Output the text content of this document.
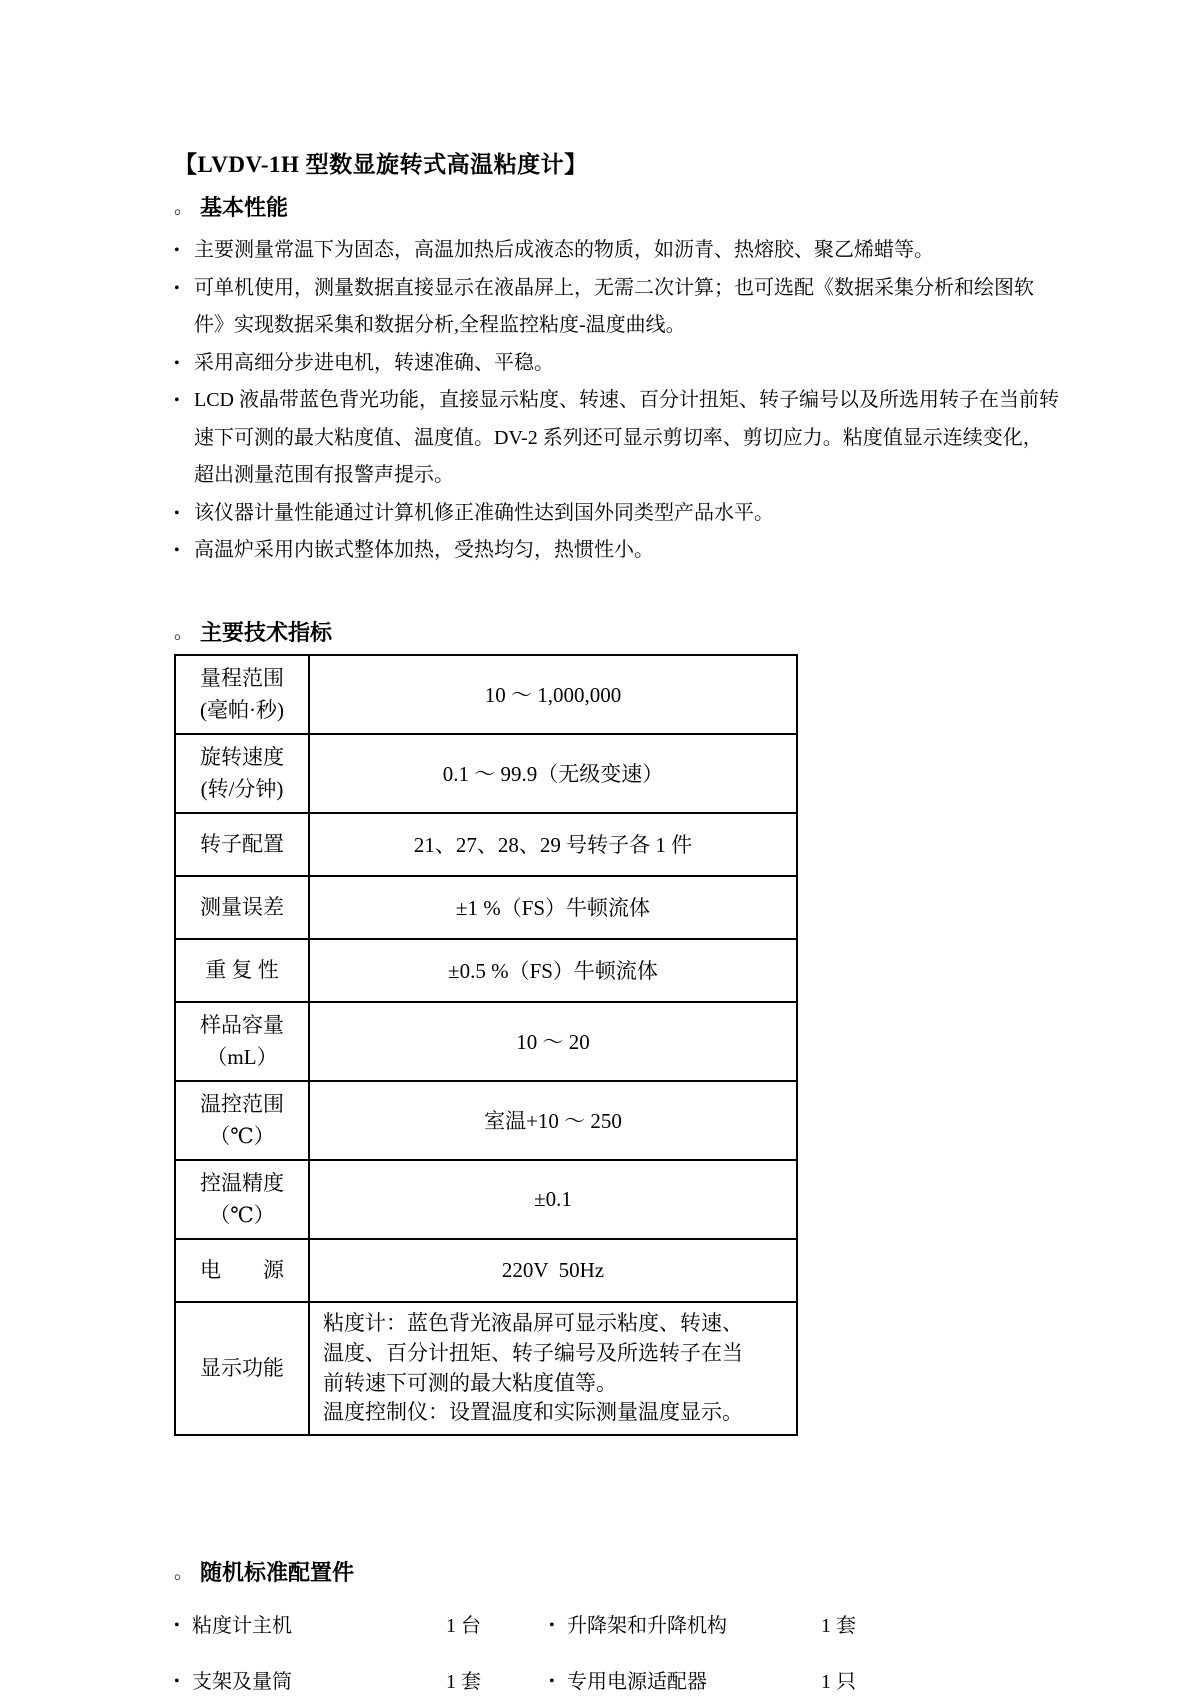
【LVDV-1H 型数显旋转式高温粘度计】
。 基本性能
• 主要测量常温下为固态，高温加热后成液态的物质，如沥青、热熔胶、聚乙烯蜡等。
• 可单机使用，测量数据直接显示在液晶屏上，无需二次计算；也可选配《数据采集分析和绘图软件》实现数据采集和数据分析,全程监控粘度-温度曲线。
• 采用高细分步进电机，转速准确、平稳。
• LCD 液晶带蓝色背光功能，直接显示粘度、转速、百分计扭矩、转子编号以及所选用转子在当前转速下可测的最大粘度值、温度值。DV-2 系列还可显示剪切率、剪切应力。粘度值显示连续变化，超出测量范围有报警声提示。
• 该仪器计量性能通过计算机修正准确性达到国外同类型产品水平。
• 高温炉采用内嵌式整体加热，受热均匀，热惯性小。
。 主要技术指标
量程范围
(毫帕·秒)	10 ～ 1,000,000
旋转速度
(转/分钟)	0.1 ～ 99.9（无级变速）
转子配置	21、27、28、29 号转子各 1 件
测量误差	±1 %（FS）牛顿流体
重 复 性	±0.5 %（FS）牛顿流体
样品容量
（mL）	10 ～ 20
温控范围
（℃）	室温+10 ～ 250
控温精度
（℃）	±0.1
电　　源	220V  50Hz
显示功能	粘度计：蓝色背光液晶屏可显示粘度、转速、
温度、百分计扭矩、转子编号及所选转子在当
前转速下可测的最大粘度值等。
温度控制仪：设置温度和实际测量温度显示。
。 随机标准配置件
• 粘度计主机	1 台	• 升降架和升降机构	1 套
• 支架及量筒	1 套	• 专用电源适配器	1 只
